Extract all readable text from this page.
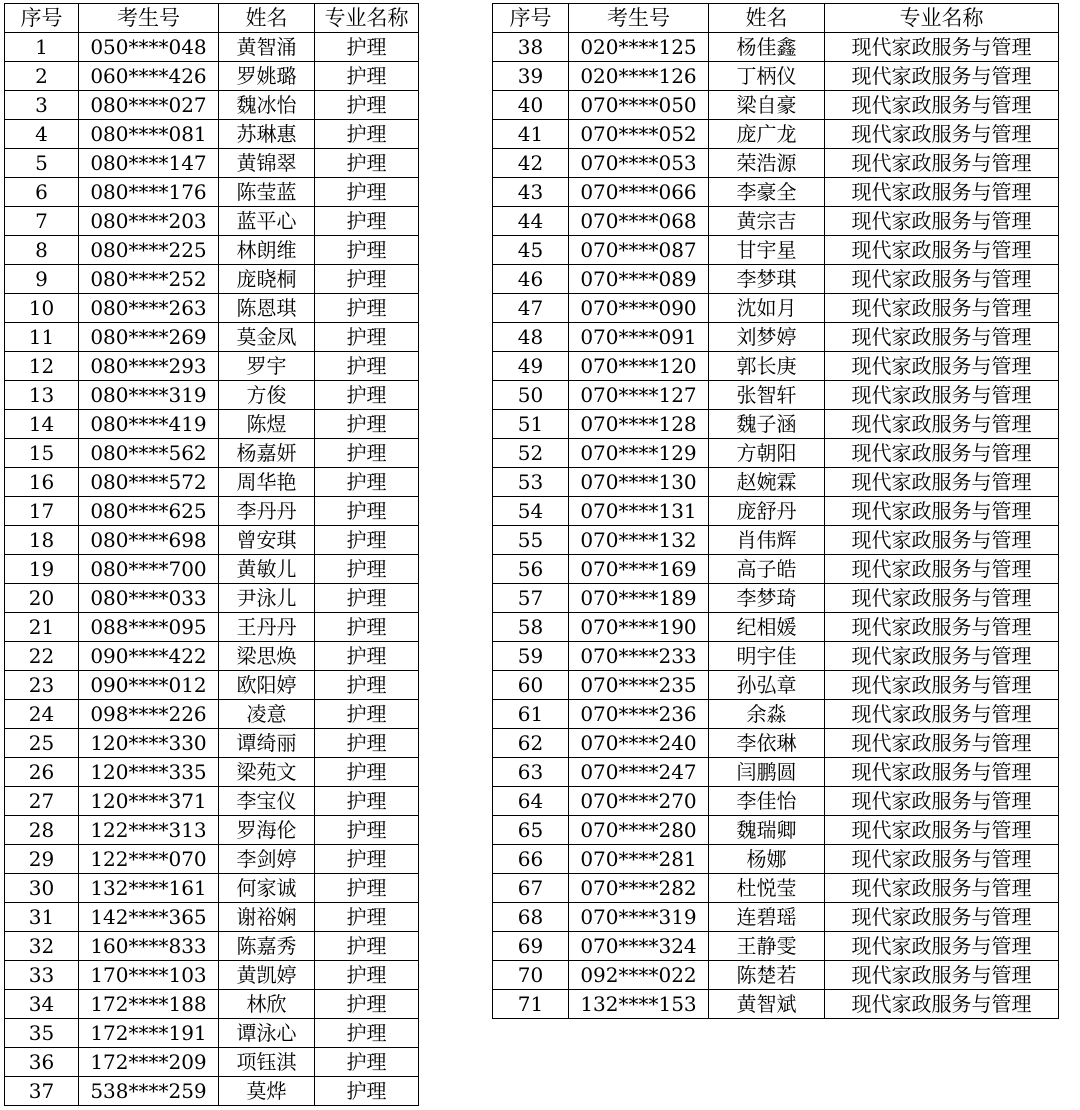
序号	考生号	姓名	专业名称
1	050****048	黄智涌	护理
2	060****426	罗姚璐	护理
3	080****027	魏冰怡	护理
4	080****081	苏琳惠	护理
5	080****147	黄锦翠	护理
6	080****176	陈莹蓝	护理
7	080****203	蓝平心	护理
8	080****225	林朗维	护理
9	080****252	庞晓桐	护理
10	080****263	陈恩琪	护理
11	080****269	莫金凤	护理
12	080****293	罗宇	护理
13	080****319	方俊	护理
14	080****419	陈煜	护理
15	080****562	杨嘉妍	护理
16	080****572	周华艳	护理
17	080****625	李丹丹	护理
18	080****698	曾安琪	护理
19	080****700	黄敏儿	护理
20	080****033	尹泳儿	护理
21	088****095	王丹丹	护理
22	090****422	梁思焕	护理
23	090****012	欧阳婷	护理
24	098****226	凌意	护理
25	120****330	谭绮丽	护理
26	120****335	梁苑文	护理
27	120****371	李宝仪	护理
28	122****313	罗海伦	护理
29	122****070	李剑婷	护理
30	132****161	何家诚	护理
31	142****365	谢裕娴	护理
32	160****833	陈嘉秀	护理
33	170****103	黄凯婷	护理
34	172****188	林欣	护理
35	172****191	谭泳心	护理
36	172****209	项钰淇	护理
37	538****259	莫烨	护理
序号	考生号	姓名	专业名称
38	020****125	杨佳鑫	现代家政服务与管理
39	020****126	丁柄仪	现代家政服务与管理
40	070****050	梁自豪	现代家政服务与管理
41	070****052	庞广龙	现代家政服务与管理
42	070****053	荣浩源	现代家政服务与管理
43	070****066	李豪全	现代家政服务与管理
44	070****068	黄宗吉	现代家政服务与管理
45	070****087	甘宇星	现代家政服务与管理
46	070****089	李梦琪	现代家政服务与管理
47	070****090	沈如月	现代家政服务与管理
48	070****091	刘梦婷	现代家政服务与管理
49	070****120	郭长庚	现代家政服务与管理
50	070****127	张智轩	现代家政服务与管理
51	070****128	魏子涵	现代家政服务与管理
52	070****129	方朝阳	现代家政服务与管理
53	070****130	赵婉霖	现代家政服务与管理
54	070****131	庞舒丹	现代家政服务与管理
55	070****132	肖伟辉	现代家政服务与管理
56	070****169	高子皓	现代家政服务与管理
57	070****189	李梦琦	现代家政服务与管理
58	070****190	纪相媛	现代家政服务与管理
59	070****233	明宇佳	现代家政服务与管理
60	070****235	孙弘章	现代家政服务与管理
61	070****236	余淼	现代家政服务与管理
62	070****240	李依琳	现代家政服务与管理
63	070****247	闫鹏圆	现代家政服务与管理
64	070****270	李佳怡	现代家政服务与管理
65	070****280	魏瑞卿	现代家政服务与管理
66	070****281	杨娜	现代家政服务与管理
67	070****282	杜悦莹	现代家政服务与管理
68	070****319	连碧瑶	现代家政服务与管理
69	070****324	王静雯	现代家政服务与管理
70	092****022	陈楚若	现代家政服务与管理
71	132****153	黄智斌	现代家政服务与管理
